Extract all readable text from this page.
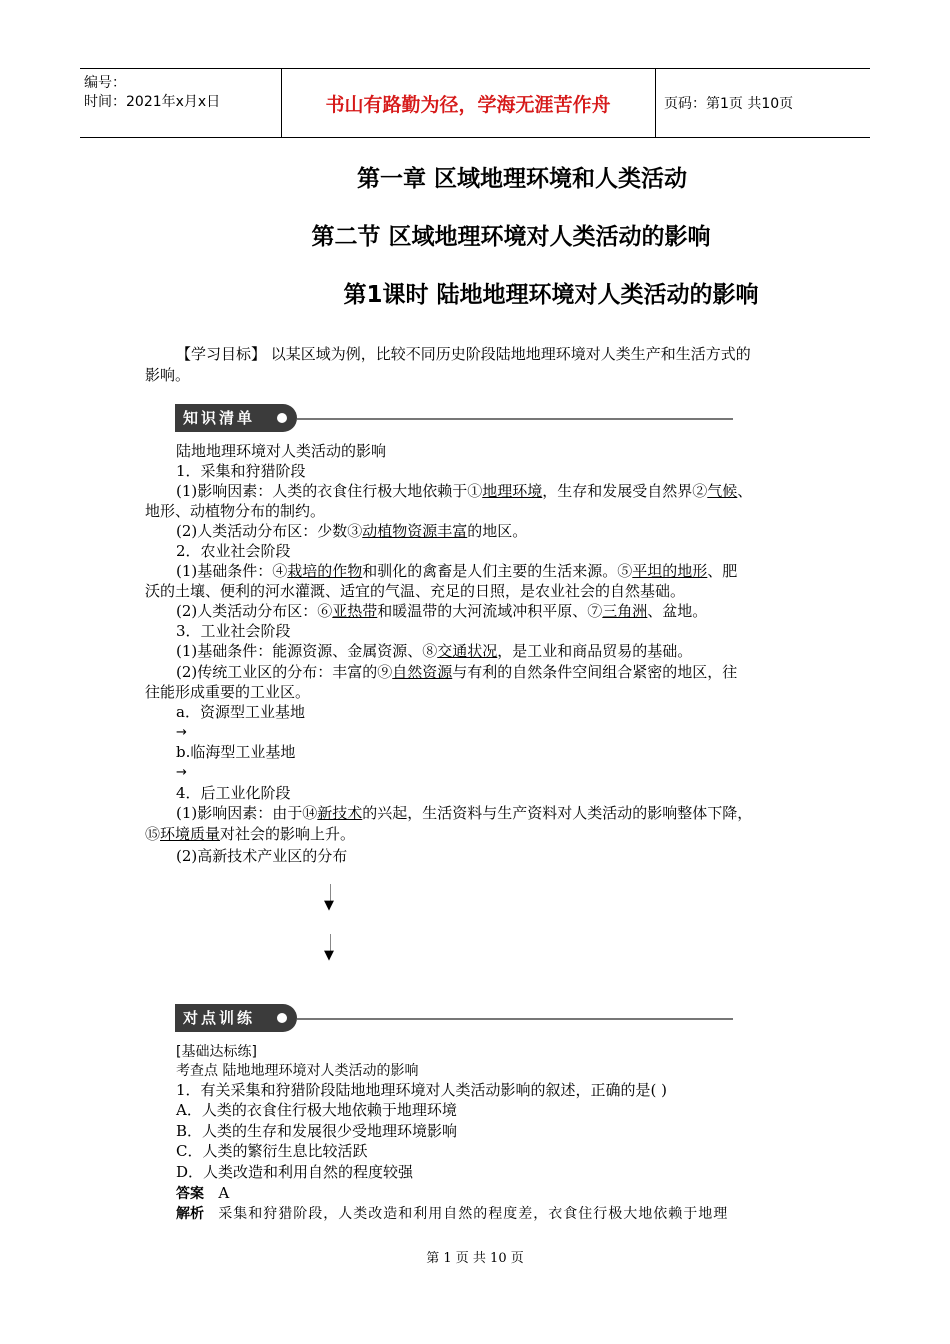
编号：
时间：2021年x月x日	书山有路勤为径，学海无涯苦作舟	页码：第1页 共10页
第一章 区域地理环境和人类活动
第二节 区域地理环境对人类活动的影响
第1课时 陆地地理环境对人类活动的影响
【学习目标】 以某区域为例，比较不同历史阶段陆地地理环境对人类生产和生活方式的
影响。
知识清单
陆地地理环境对人类活动的影响
1．采集和狩猎阶段
(1)影响因素：人类的衣食住行极大地依赖于①地理环境，生存和发展受自然界②气候、
地形、动植物分布的制约。
(2)人类活动分布区：少数③动植物资源丰富的地区。
2．农业社会阶段
(1)基础条件：④栽培的作物和驯化的禽畜是人们主要的生活来源。⑤平坦的地形、肥
沃的土壤、便利的河水灌溉、适宜的气温、充足的日照，是农业社会的自然基础。
(2)人类活动分布区：⑥亚热带和暖温带的大河流域冲积平原、⑦三角洲、盆地。
3．工业社会阶段
(1)基础条件：能源资源、金属资源、⑧交通状况，是工业和商品贸易的基础。
(2)传统工业区的分布：丰富的⑨自然资源与有利的自然条件空间组合紧密的地区，往
往能形成重要的工业区。
a．资源型工业基地
→
b.临海型工业基地
→
4．后工业化阶段
(1)影响因素：由于⑭新技术的兴起，生活资料与生产资料对人类活动的影响整体下降，
⑮环境质量对社会的影响上升。
(2)高新技术产业区的分布
▼
▼
对点训练
[基础达标练]
考查点 陆地地理环境对人类活动的影响
1．有关采集和狩猎阶段陆地地理环境对人类活动影响的叙述，正确的是( )
A．人类的衣食住行极大地依赖于地理环境
B．人类的生存和发展很少受地理环境影响
C．人类的繁衍生息比较活跃
D．人类改造和利用自然的程度较强
答案 A
解析 采集和狩猎阶段，人类改造和利用自然的程度差，衣食住行极大地依赖于地理
第 1 页 共 10 页
